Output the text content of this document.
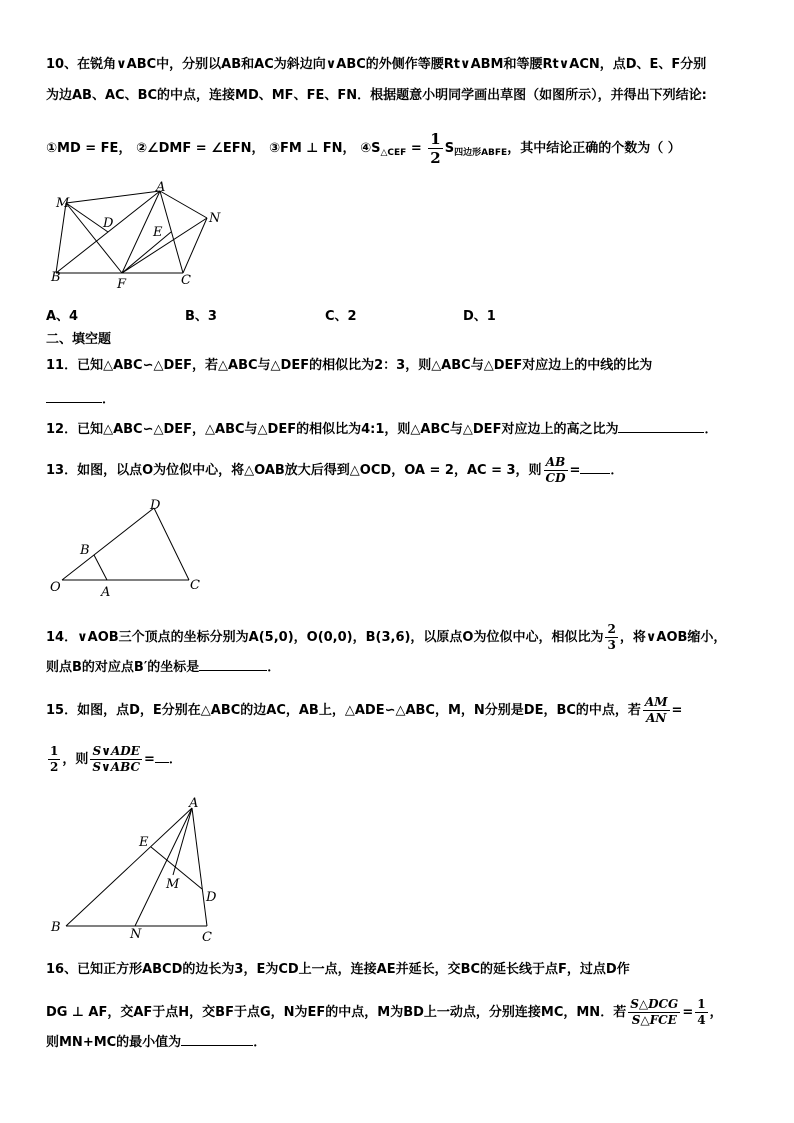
10、在锐角∨ABC中，分别以AB和AC为斜边向∨ABC的外侧作等腰Rt∨ABM和等腰Rt∨ACN，点D、E、F分别
为边AB、AC、BC的中点，连接MD、MF、FE、FN．根据题意小明同学画出草图（如图所示），并得出下列结论:
①MD = FE， ②∠DMF = ∠EFN， ③FM ⊥ FN， $④S_{\triangle CEF} = \frac{1}{2} S_{四边形ABFE}$，其中结论正确的个数为（ ）
M
A
N
D
E
B	F	C
A、4	B、3	C、2	D、1
二、填空题
11．已知△ABC∽△DEF，若△ABC与△DEF的相似比为2：3，则△ABC与△DEF对应边上的中线的比为
．
12．已知△ABC∽△DEF，△ABC与△DEF的相似比为4:1，则△ABC与△DEF对应边上的高之比为	．
13．如图，以点O为位似中心，将△OAB放大后得到△OCD，OA = 2，AC = 3，则 $\frac{AB}{CD}$ = ．
O	A	C
B
D
14．∨AOB三个顶点的坐标分别为A(5,0)，O(0,0)，B(3,6)，以原点O为位似中心，相似比为 $\frac{2}{3}$ ，将∨AOB缩小，
则点B的对应点B′的坐标是	．
15．如图，点D，E分别在△ABC的边AC，AB上，△ADE∽△ABC，M，N分别是DE，BC的中点，若 $\frac{AM}{AN}$ =
$\frac{1}{2}$ ，则 $\frac{\text{S∨ADE}}{\text{S∨ABC}}$ = ．
A
E
M
D
B	N	C
16、已知正方形ABCD的边长为3，E为CD上一点，连接AE并延长，交BC的延长线于点F，过点D作
DG ⊥ AF，交AF于点H，交BF于点G，N为EF的中点，M为BD上一动点，分别连接MC，MN．若 $\frac{\text{S△DCG}}{\text{S△FCE}} = \frac{1}{4}$ ，
则MN+MC的最小值为	．
